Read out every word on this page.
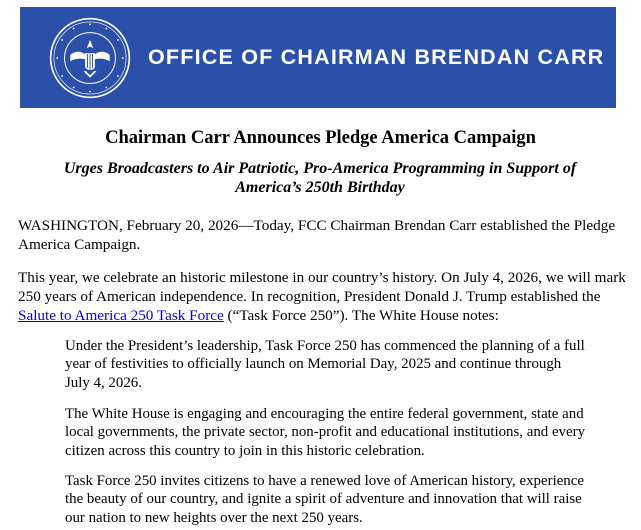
OFFICE OF CHAIRMAN BRENDAN CARR
Chairman Carr Announces Pledge America Campaign
Urges Broadcasters to Air Patriotic, Pro-America Programming in Support of America’s 250th Birthday

WASHINGTON, February 20, 2026—Today, FCC Chairman Brendan Carr established the Pledge America Campaign.

This year, we celebrate an historic milestone in our country’s history. On July 4, 2026, we will mark 250 years of American independence. In recognition, President Donald J. Trump established the Salute to America 250 Task Force (“Task Force 250”). The White House notes:

Under the President’s leadership, Task Force 250 has commenced the planning of a full year of festivities to officially launch on Memorial Day, 2025 and continue through July 4, 2026.

The White House is engaging and encouraging the entire federal government, state and local governments, the private sector, non-profit and educational institutions, and every citizen across this country to join in this historic celebration.

Task Force 250 invites citizens to have a renewed love of American history, experience the beauty of our country, and ignite a spirit of adventure and innovation that will raise our nation to new heights over the next 250 years.
